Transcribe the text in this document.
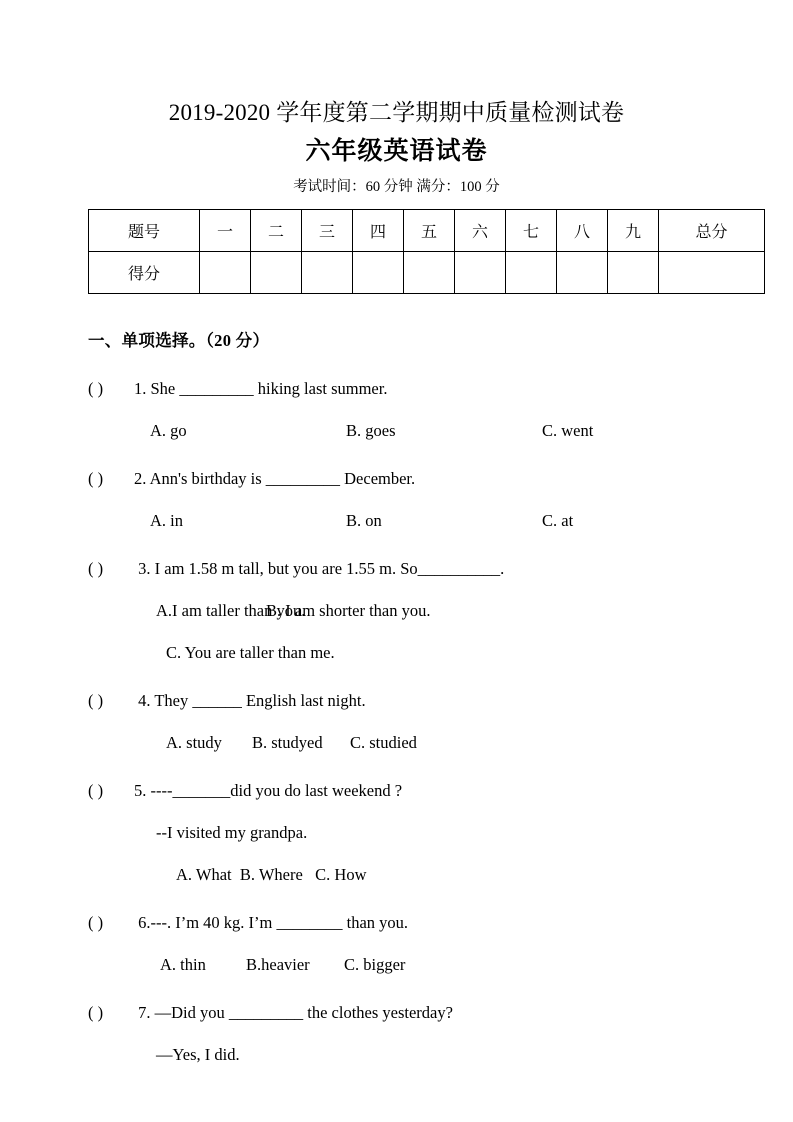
2019-2020 学年度第二学期期中质量检测试卷
六年级英语试卷
考试时间：60 分钟 满分：100 分
题号	一	二	三	四	五	六	七	八	九	总分
得分										
一、单项选择。（20 分）
( ) 1. She _________ hiking last summer.
A. go	B. goes	C. went
( ) 2. Ann's birthday is _________ December.
A. in	B. on	C. at
( ) 3. I am 1.58 m tall, but you are 1.55 m. So__________.
A.I am taller than you.B. I am shorter than you.
C. You are taller than me.
( ) 4. They ______ English last night.
A. study B. studyed C. studied
( ) 5. ----_______did you do last weekend ?
--I visited my grandpa.
A. What B. Where C. How
( ) 6.---. I’m 40 kg. I’m ________ than you.
A. thin B.heavier C. bigger
( ) 7. —Did you _________ the clothes yesterday?
—Yes, I did.
